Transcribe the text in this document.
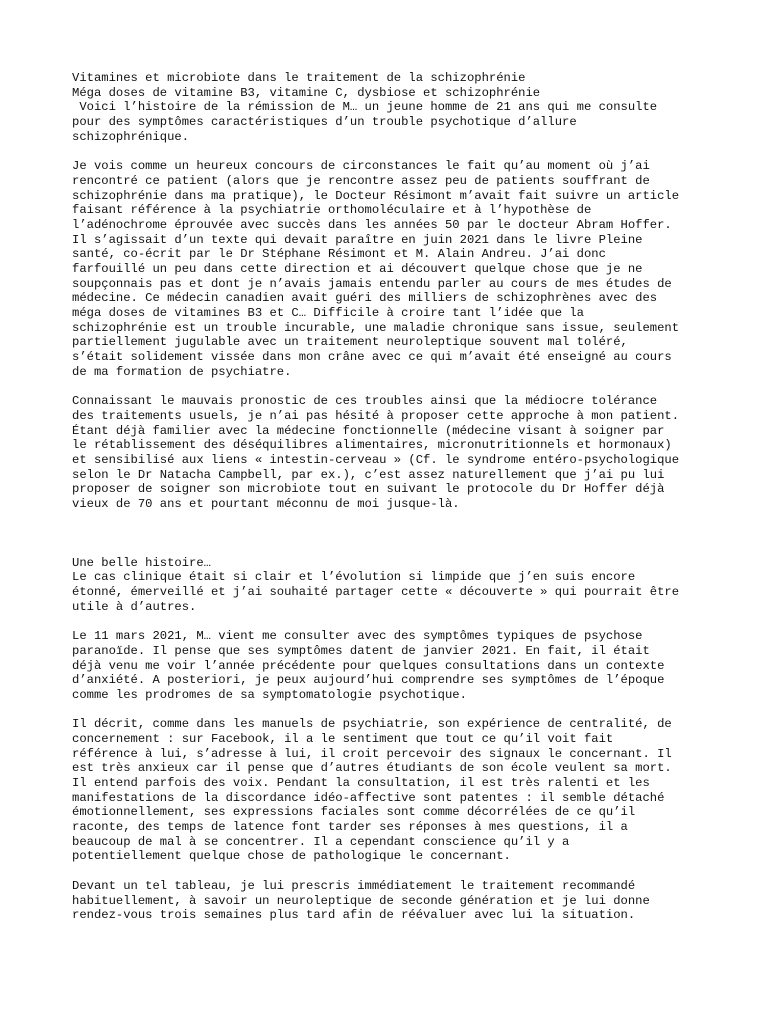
Vitamines et microbiote dans le traitement de la schizophrénie
Méga doses de vitamine B3, vitamine C, dysbiose et schizophrénie
Voici l’histoire de la rémission de M… un jeune homme de 21 ans qui me consulte
pour des symptômes caractéristiques d’un trouble psychotique d’allure
schizophrénique.
Je vois comme un heureux concours de circonstances le fait qu’au moment où j’ai
rencontré ce patient (alors que je rencontre assez peu de patients souffrant de
schizophrénie dans ma pratique), le Docteur Résimont m’avait fait suivre un article
faisant référence à la psychiatrie orthomoléculaire et à l’hypothèse de
l’adénochrome éprouvée avec succès dans les années 50 par le docteur Abram Hoffer.
Il s’agissait d’un texte qui devait paraître en juin 2021 dans le livre Pleine
santé, co-écrit par le Dr Stéphane Résimont et M. Alain Andreu. J’ai donc
farfouillé un peu dans cette direction et ai découvert quelque chose que je ne
soupçonnais pas et dont je n’avais jamais entendu parler au cours de mes études de
médecine. Ce médecin canadien avait guéri des milliers de schizophrènes avec des
méga doses de vitamines B3 et C… Difficile à croire tant l’idée que la
schizophrénie est un trouble incurable, une maladie chronique sans issue, seulement
partiellement jugulable avec un traitement neuroleptique souvent mal toléré,
s’était solidement vissée dans mon crâne avec ce qui m’avait été enseigné au cours
de ma formation de psychiatre.
Connaissant le mauvais pronostic de ces troubles ainsi que la médiocre tolérance
des traitements usuels, je n’ai pas hésité à proposer cette approche à mon patient.
Étant déjà familier avec la médecine fonctionnelle (médecine visant à soigner par
le rétablissement des déséquilibres alimentaires, micronutritionnels et hormonaux)
et sensibilisé aux liens « intestin-cerveau » (Cf. le syndrome entéro-psychologique
selon le Dr Natacha Campbell, par ex.), c’est assez naturellement que j’ai pu lui
proposer de soigner son microbiote tout en suivant le protocole du Dr Hoffer déjà
vieux de 70 ans et pourtant méconnu de moi jusque-là.
Une belle histoire…
Le cas clinique était si clair et l’évolution si limpide que j’en suis encore
étonné, émerveillé et j’ai souhaité partager cette « découverte » qui pourrait être
utile à d’autres.
Le 11 mars 2021, M… vient me consulter avec des symptômes typiques de psychose
paranoïde. Il pense que ses symptômes datent de janvier 2021. En fait, il était
déjà venu me voir l’année précédente pour quelques consultations dans un contexte
d’anxiété. A posteriori, je peux aujourd’hui comprendre ses symptômes de l’époque
comme les prodromes de sa symptomatologie psychotique.
Il décrit, comme dans les manuels de psychiatrie, son expérience de centralité, de
concernement : sur Facebook, il a le sentiment que tout ce qu’il voit fait
référence à lui, s’adresse à lui, il croit percevoir des signaux le concernant. Il
est très anxieux car il pense que d’autres étudiants de son école veulent sa mort.
Il entend parfois des voix. Pendant la consultation, il est très ralenti et les
manifestations de la discordance idéo-affective sont patentes : il semble détaché
émotionnellement, ses expressions faciales sont comme décorrélées de ce qu’il
raconte, des temps de latence font tarder ses réponses à mes questions, il a
beaucoup de mal à se concentrer. Il a cependant conscience qu’il y a
potentiellement quelque chose de pathologique le concernant.
Devant un tel tableau, je lui prescris immédiatement le traitement recommandé
habituellement, à savoir un neuroleptique de seconde génération et je lui donne
rendez-vous trois semaines plus tard afin de réévaluer avec lui la situation.
